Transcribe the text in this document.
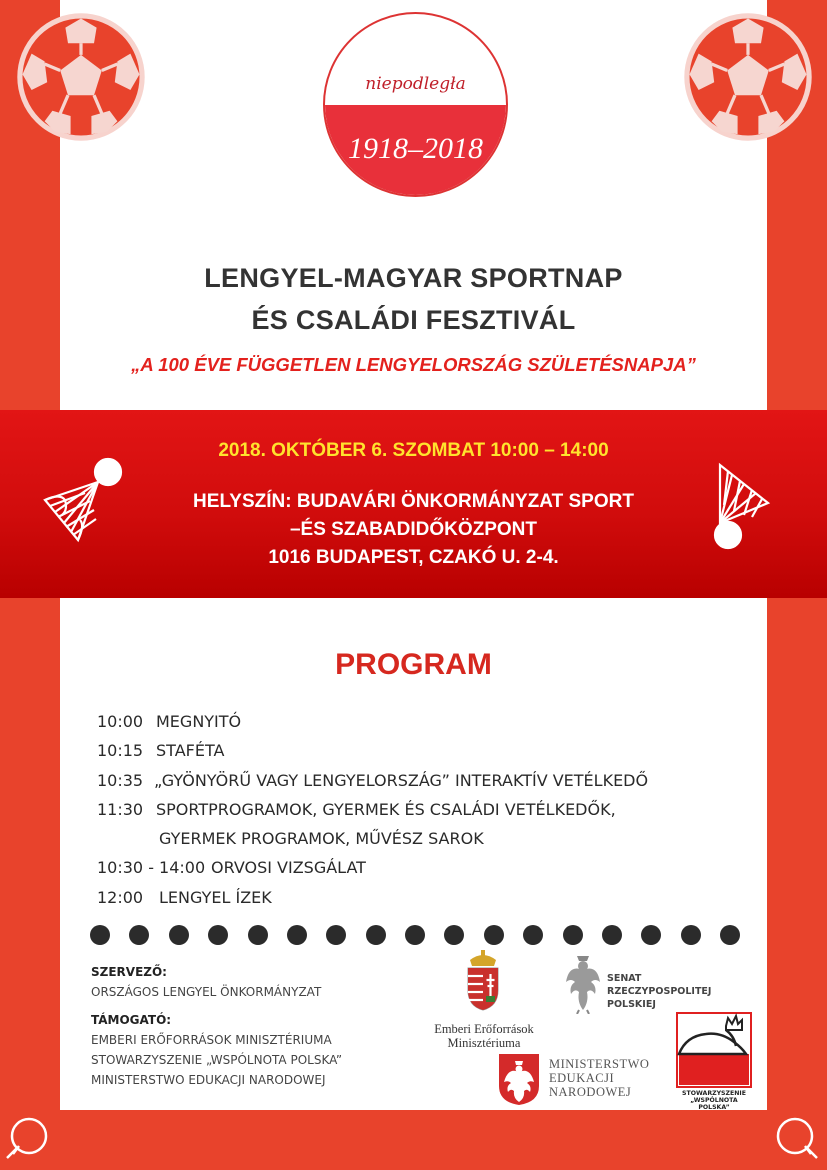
niepodległa
1918–2018
LENGYEL-MAGYAR SPORTNAP
ÉS CSALÁDI FESZTIVÁL
„A 100 ÉVE FÜGGETLEN LENGYELORSZÁG SZÜLETÉSNAPJA”
2018. OKTÓBER 6. SZOMBAT 10:00 – 14:00
HELYSZÍN: BUDAVÁRI ÖNKORMÁNYZAT SPORT
–ÉS SZABADIDŐKÖZPONT
1016 BUDAPEST, CZAKÓ U. 2-4.
PROGRAM
10:00 MEGNYITÓ
10:15 STAFÉTA
10:35 „GYÖNYÖRŰ VAGY LENGYELORSZÁG” INTERAKTÍV VETÉLKEDŐ
11:30 SPORTPROGRAMOK, GYERMEK ÉS CSALÁDI VETÉLKEDŐK,
GYERMEK PROGRAMOK, MŰVÉSZ SAROK
10:30 - 14:00 ORVOSI VIZSGÁLAT
12:00 LENGYEL ÍZEK
SZERVEZŐ:
ORSZÁGOS LENGYEL ÖNKORMÁNYZAT
TÁMOGATÓ:
EMBERI ERŐFORRÁSOK MINISZTÉRIUMA
STOWARZYSZENIE „WSPÓLNOTA POLSKA”
MINISTERSTWO EDUKACJI NARODOWEJ
Emberi Erőforrások
Minisztériuma
SENAT
RZECZYPOSPOLITEJ
POLSKIEJ
MINISTERSTWO
EDUKACJI
NARODOWEJ	STOWARZYSZENIE
„WSPÓLNOTA POLSKA”
